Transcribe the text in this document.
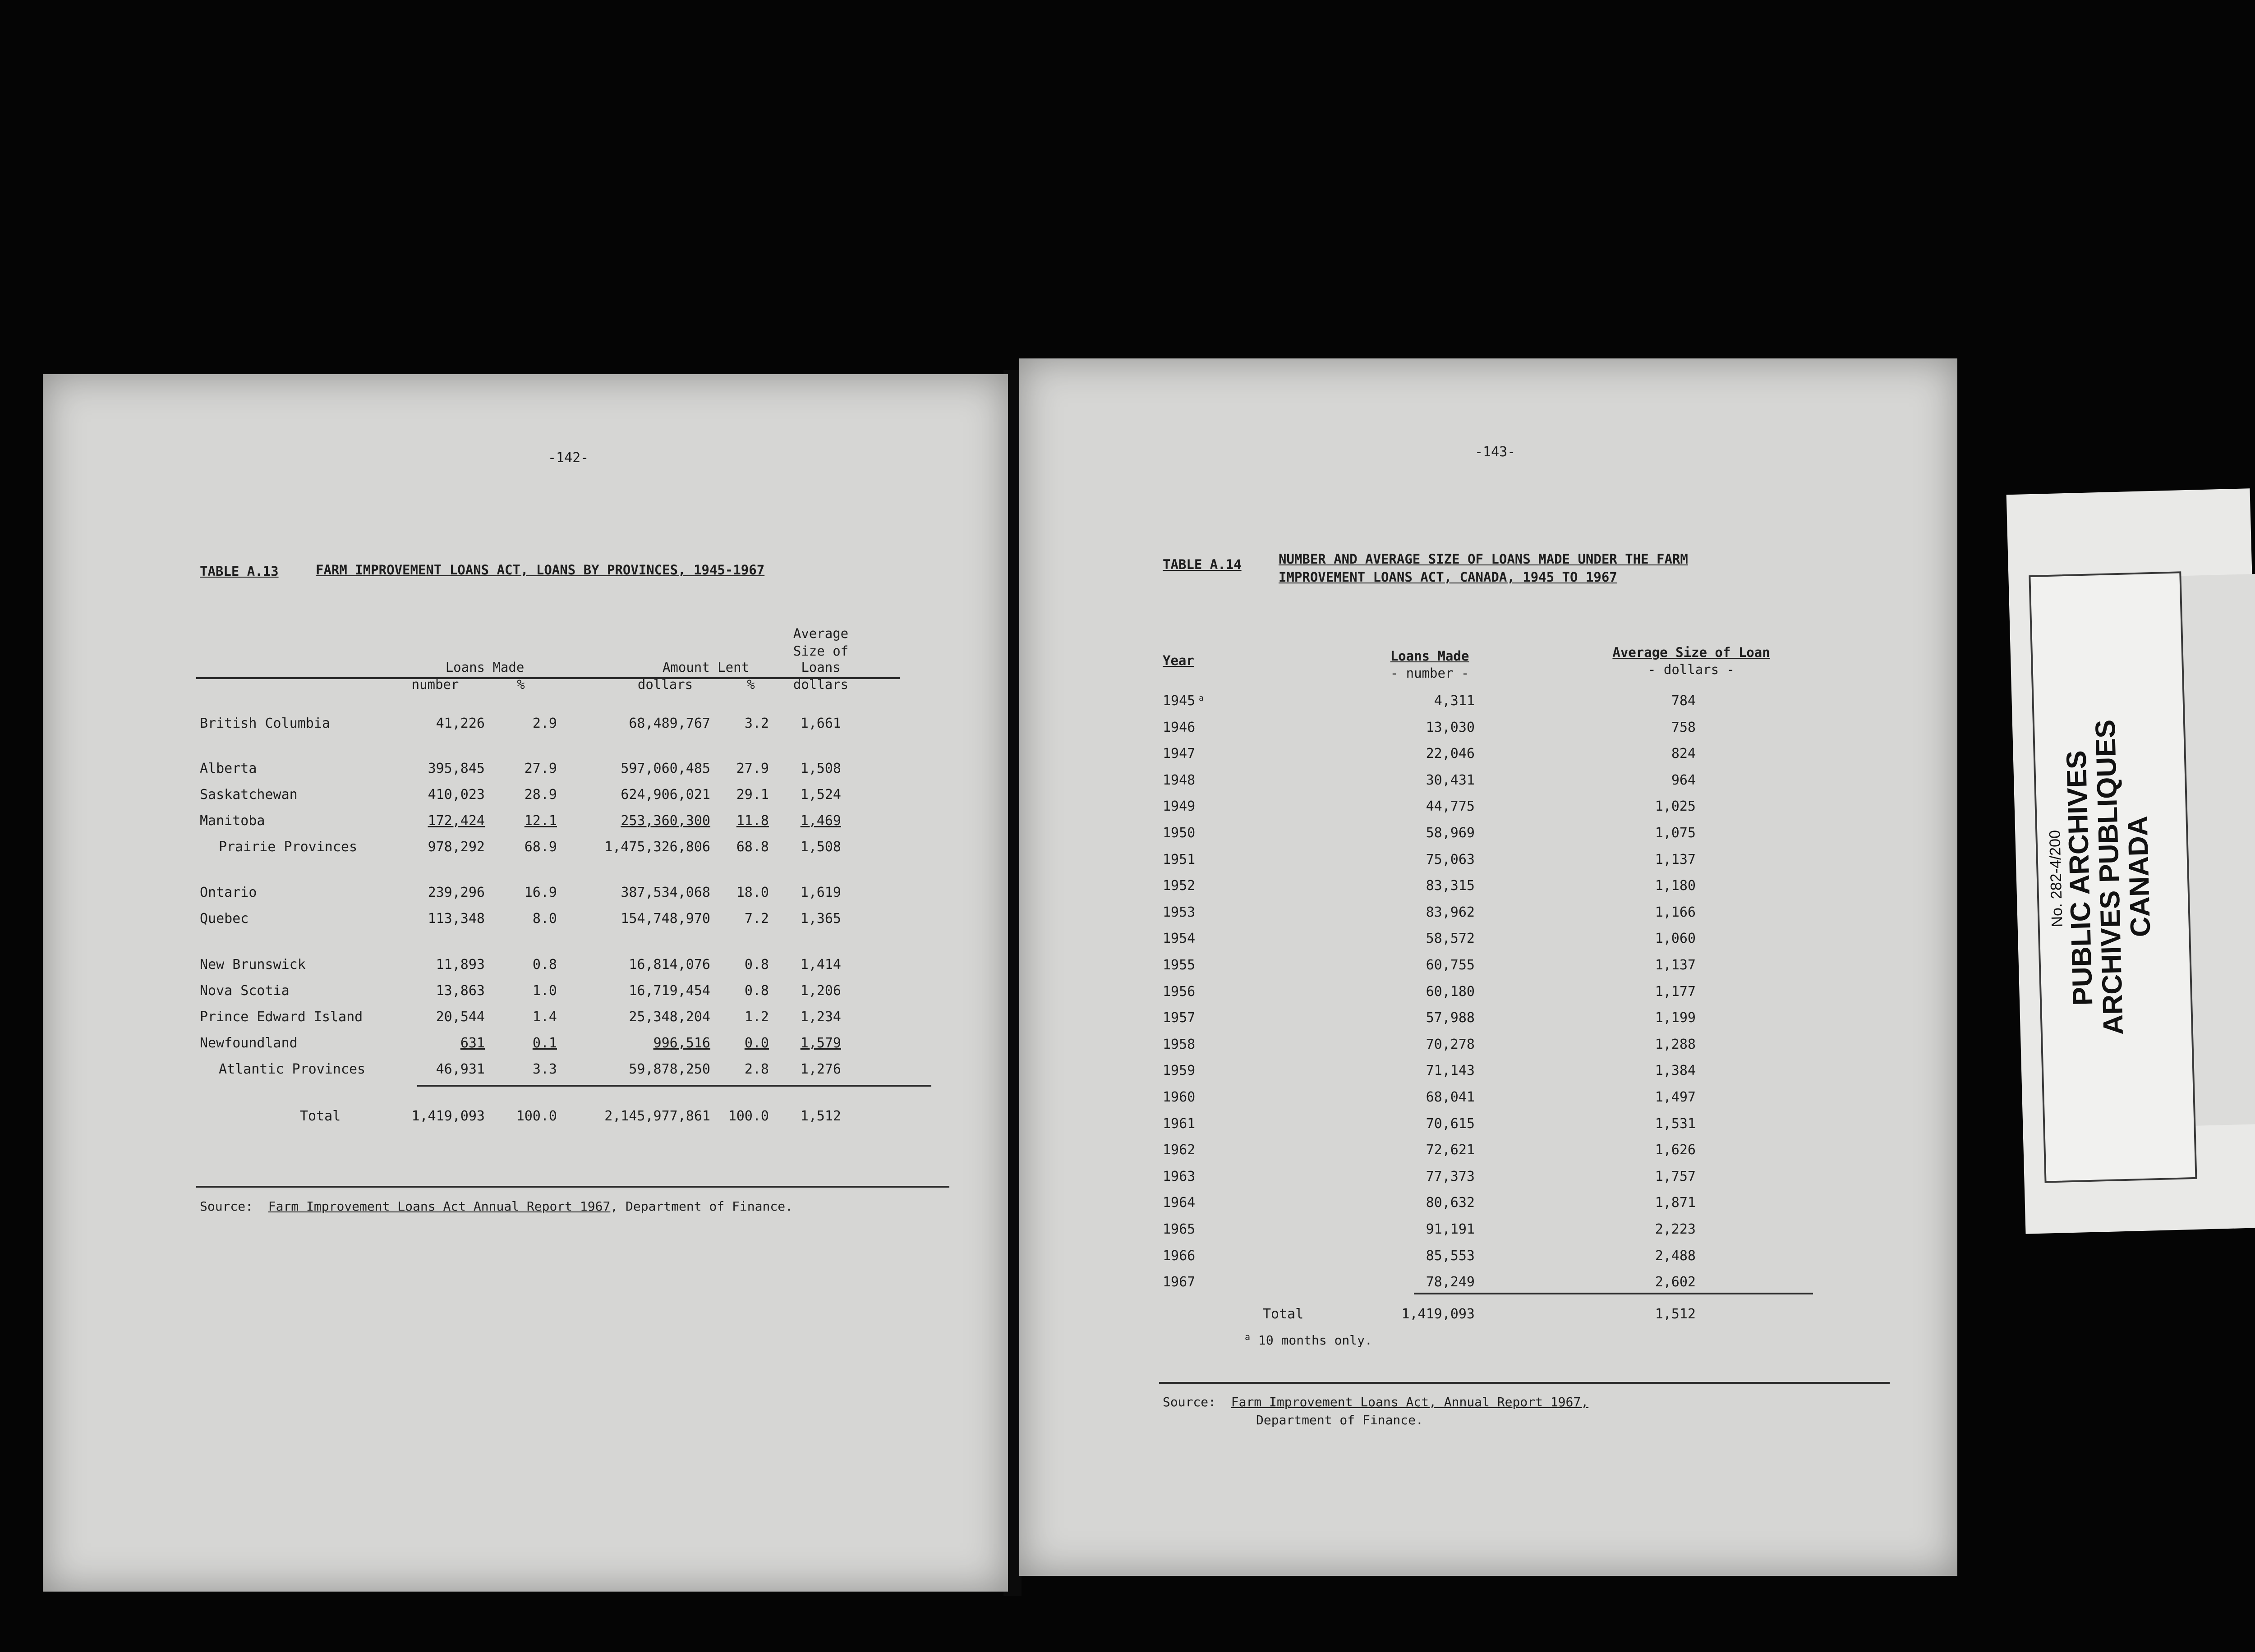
-142-
TABLE A.13	FARM IMPROVEMENT LOANS ACT, LOANS BY PROVINCES, 1945-1967
Average
Size of
Loans
Loans Made	Amount Lent
number	%	dollars	%	dollars
British Columbia	41,226	2.9	68,489,767	3.2 1,661
Alberta	395,845	27.9	597,060,485 27.9 1,508
Saskatchewan	410,023	28.9	624,906,021 29.1 1,524
Manitoba	172,424	12.1	253,360,300 11.8 1,469
Prairie Provinces	978,292	68.9	1,475,326,806 68.8 1,508
Ontario	239,296	16.9	387,534,068 18.0 1,619
Quebec	113,348	8.0	154,748,970	7.2 1,365
New Brunswick	11,893	0.8	16,814,076	0.8 1,414
Nova Scotia	13,863	1.0	16,719,454	0.8 1,206
Prince Edward Island	20,544	1.4	25,348,204	1.2 1,234
Newfoundland	631	0.1	996,516	0.0 1,579
Atlantic Provinces	46,931	3.3	59,878,250	2.8 1,276
Total	1,419,093 100.0	2,145,977,861 100.0 1,512
Source: Farm Improvement Loans Act Annual Report 1967, Department of Finance.
-143-
TABLE A.14	NUMBER AND AVERAGE SIZE OF LOANS MADE UNDER THE FARM
IMPROVEMENT LOANS ACT, CANADA, 1945 TO 1967
Year	Loans Made
- number -
Average Size of Loan
- dollars -
1945 a	4,311	784
1946	13,030	758
1947	22,046	824
1948	30,431	964
1949	44,775	1,025
1950	58,969	1,075
1951	75,063	1,137
1952	83,315	1,180
1953	83,962	1,166
1954	58,572	1,060
1955	60,755	1,137
1956	60,180	1,177
1957	57,988	1,199
1958	70,278	1,288
1959	71,143	1,384
1960	68,041	1,497
1961	70,615	1,531
1962	72,621	1,626
1963	77,373	1,757
1964	80,632	1,871
1965	91,191	2,223
1966	85,553	2,488
1967	78,249	2,602
Total	1,419,093	1,512
a 10 months only.
Source: Farm Improvement Loans Act, Annual Report 1967,
Department of Finance.
No. 282-4/200
PUBLIC ARCHIVES
ARCHIVES PUBLIQUES
CANADA
